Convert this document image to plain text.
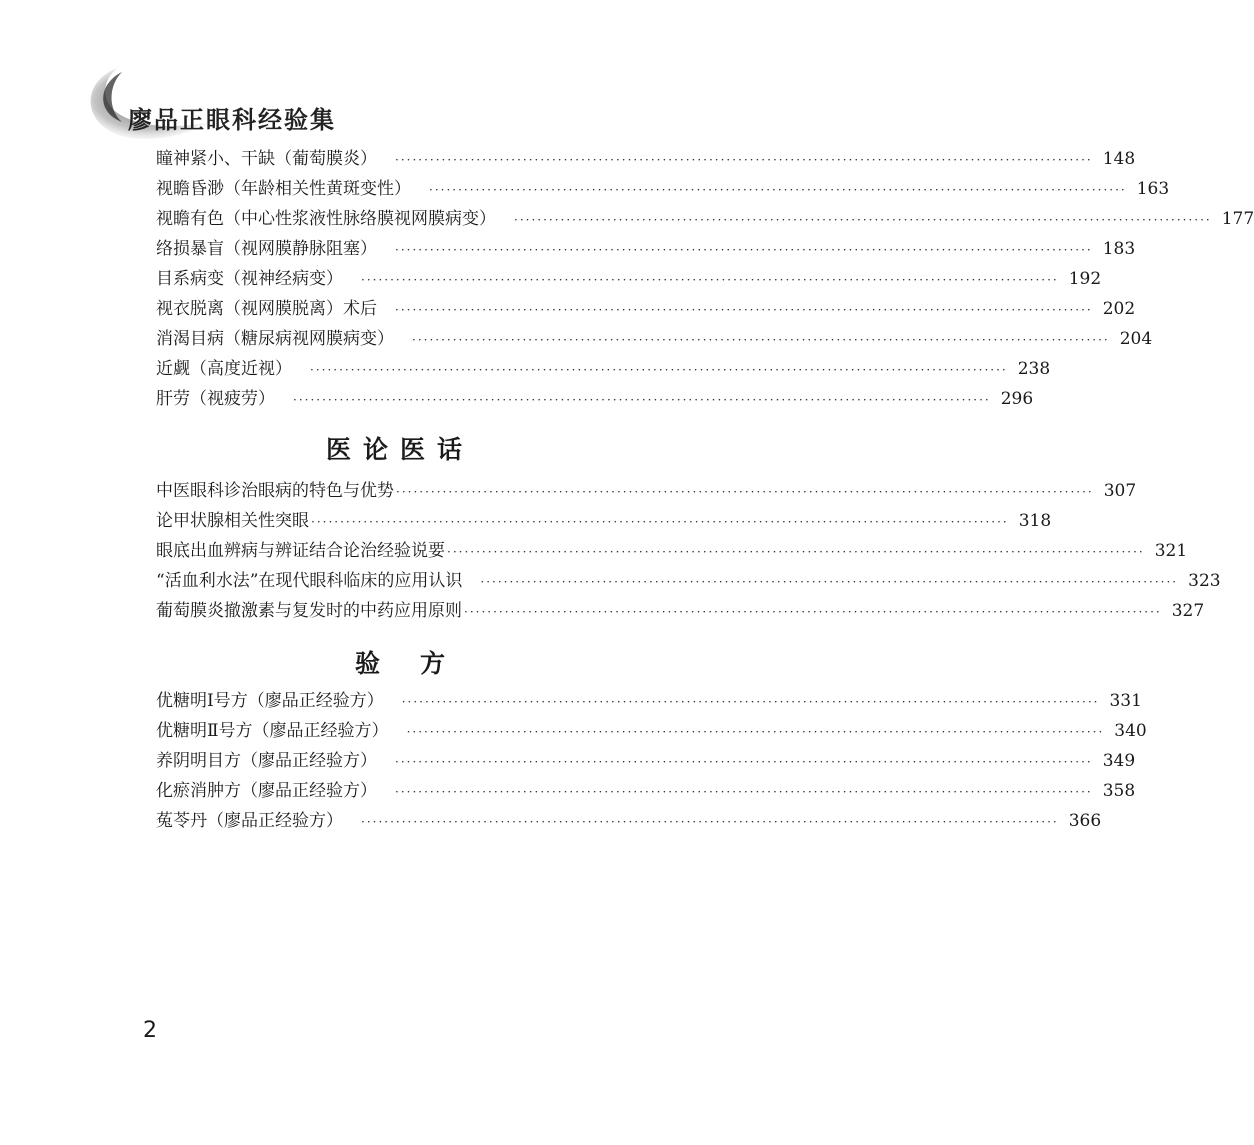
廖品正眼科经验集
瞳神紧小、干缺（葡萄膜炎） ························································································································ 148
视瞻昏渺（年龄相关性黄斑变性） ························································································································ 163
视瞻有色（中心性浆液性脉络膜视网膜病变） ························································································································ 177
络损暴盲（视网膜静脉阻塞） ························································································································ 183
目系病变（视神经病变） ························································································································ 192
视衣脱离（视网膜脱离）术后 ························································································································ 202
消渴目病（糖尿病视网膜病变） ························································································································ 204
近觑（高度近视） ························································································································ 238
肝劳（视疲劳） ························································································································ 296
医论医话
中医眼科诊治眼病的特色与优势 ························································································································ 307
论甲状腺相关性突眼 ························································································································ 318
眼底出血辨病与辨证结合论治经验说要 ························································································································ 321
“活血利水法”在现代眼科临床的应用认识 ························································································································ 323
葡萄膜炎撤激素与复发时的中药应用原则 ························································································································ 327
验方
优糖明Ⅰ号方（廖品正经验方） ························································································································ 331
优糖明Ⅱ号方（廖品正经验方） ························································································································ 340
养阴明目方（廖品正经验方） ························································································································ 349
化瘀消肿方（廖品正经验方） ························································································································ 358
菟苓丹（廖品正经验方） ························································································································ 366
2
